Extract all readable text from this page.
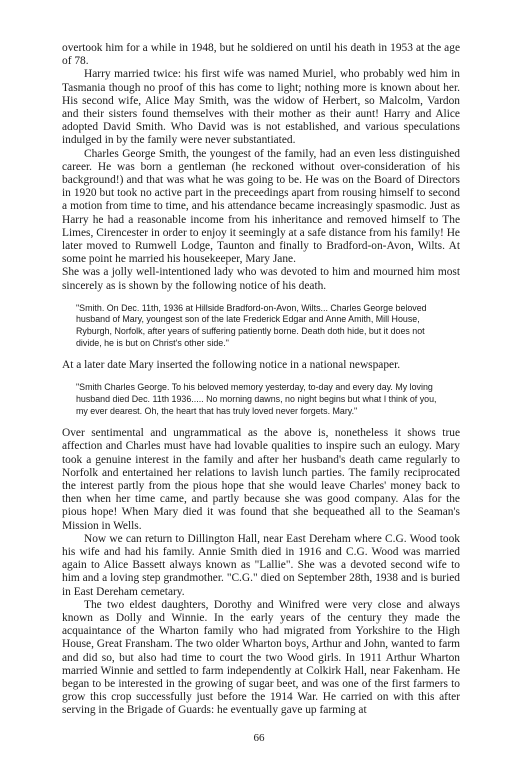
overtook him for a while in 1948, but he soldiered on until his death in 1953 at the age of 78.

Harry married twice: his first wife was named Muriel, who probably wed him in Tasmania though no proof of this has come to light; nothing more is known about her. His second wife, Alice May Smith, was the widow of Herbert, so Malcolm, Vardon and their sisters found themselves with their mother as their aunt! Harry and Alice adopted David Smith. Who David was is not established, and various speculations indulged in by the family were never substantiated.

Charles George Smith, the youngest of the family, had an even less distinguished career. He was born a gentleman (he reckoned without over-consideration of his background!) and that was what he was going to be. He was on the Board of Directors in 1920 but took no active part in the preceedings apart from rousing himself to second a motion from time to time, and his attendance became increasingly spasmodic. Just as Harry he had a reasonable income from his inheritance and removed himself to The Limes, Cirencester in order to enjoy it seemingly at a safe distance from his family! He later moved to Rumwell Lodge, Taunton and finally to Bradford-on-Avon, Wilts. At some point he married his housekeeper, Mary Jane.

She was a jolly well-intentioned lady who was devoted to him and mourned him most sincerely as is shown by the following notice of his death.

"Smith. On Dec. 11th, 1936 at Hillside Bradford-on-Avon, Wilts... Charles George beloved husband of Mary, youngest son of the late Frederick Edgar and Anne Amith, Mill House, Ryburgh, Norfolk, after years of suffering patiently borne. Death doth hide, but it does not divide, he is but on Christ's other side."

At a later date Mary inserted the following notice in a national newspaper.

"Smith Charles George. To his beloved memory yesterday, to-day and every day. My loving husband died Dec. 11th 1936..... No morning dawns, no night begins but what I think of you, my ever dearest. Oh, the heart that has truly loved never forgets. Mary."

Over sentimental and ungrammatical as the above is, nonetheless it shows true affection and Charles must have had lovable qualities to inspire such an eulogy. Mary took a genuine interest in the family and after her husband's death came regularly to Norfolk and entertained her relations to lavish lunch parties. The family reciprocated the interest partly from the pious hope that she would leave Charles' money back to then when her time came, and partly because she was good company. Alas for the pious hope! When Mary died it was found that she bequeathed all to the Seaman's Mission in Wells.

Now we can return to Dillington Hall, near East Dereham where C.G. Wood took his wife and had his family. Annie Smith died in 1916 and C.G. Wood was married again to Alice Bassett always known as "Lallie". She was a devoted second wife to him and a loving step grandmother. "C.G." died on September 28th, 1938 and is buried in East Dereham cemetary.

The two eldest daughters, Dorothy and Winifred were very close and always known as Dolly and Winnie. In the early years of the century they made the acquaintance of the Wharton family who had migrated from Yorkshire to the High House, Great Fransham. The two older Wharton boys, Arthur and John, wanted to farm and did so, but also had time to court the two Wood girls. In 1911 Arthur Wharton married Winnie and settled to farm independently at Colkirk Hall, near Fakenham. He began to be interested in the growing of sugar beet, and was one of the first farmers to grow this crop successfully just before the 1914 War. He carried on with this after serving in the Brigade of Guards: he eventually gave up farming at

66
